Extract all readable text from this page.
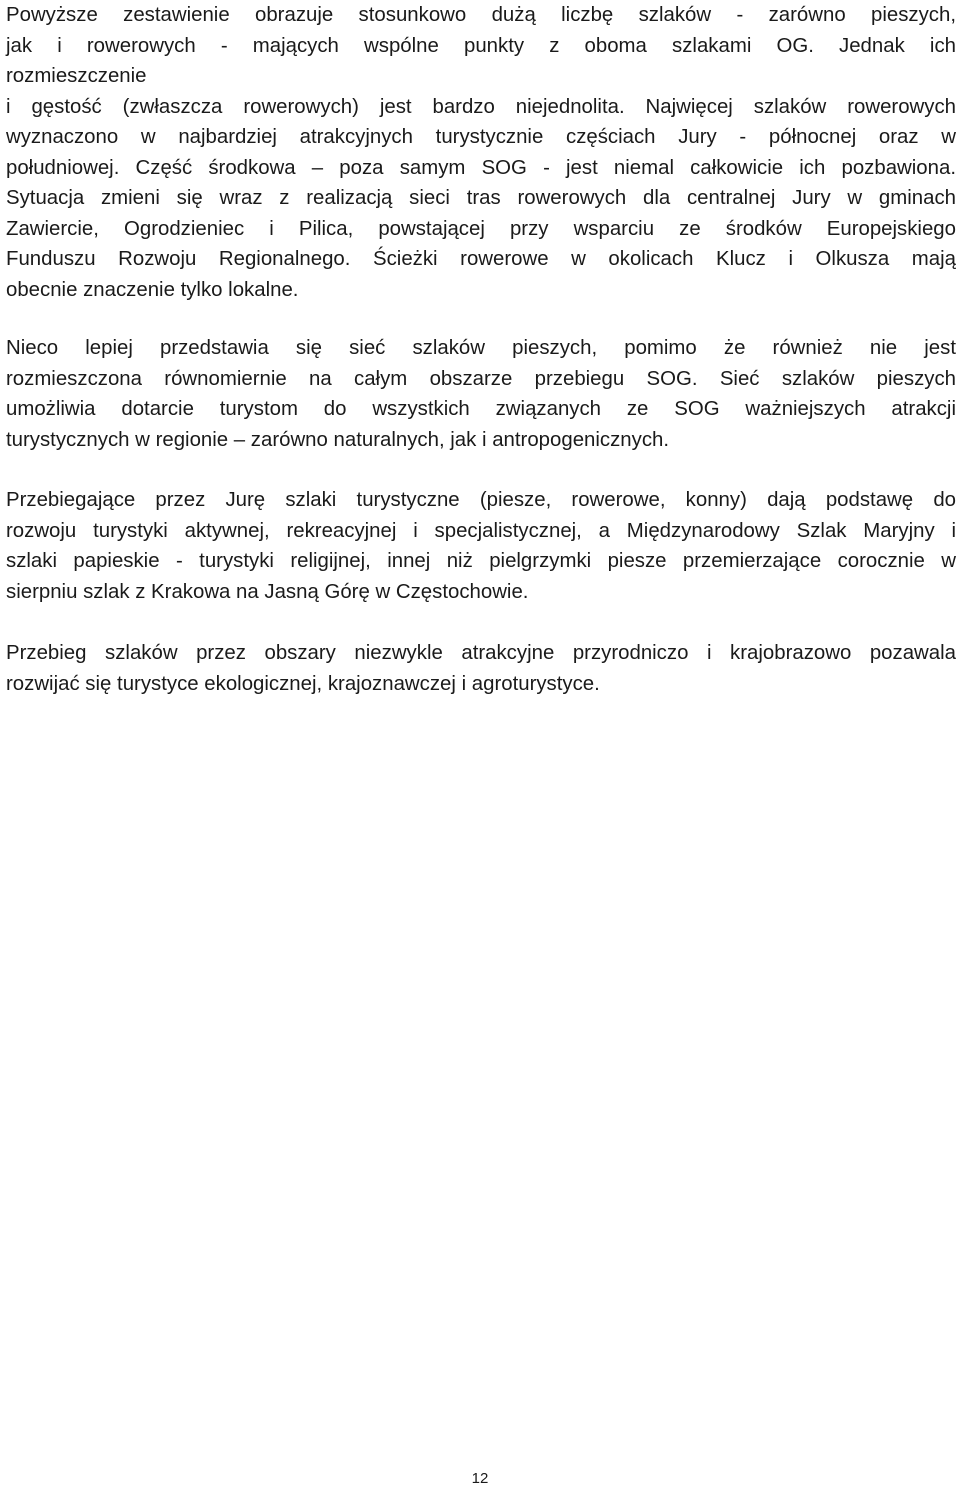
Powyższe zestawienie obrazuje stosunkowo dużą liczbę szlaków - zarówno pieszych,
jak i rowerowych - mających wspólne punkty z oboma szlakami OG. Jednak ich
rozmieszczenie
i gęstość (zwłaszcza rowerowych) jest bardzo niejednolita. Najwięcej szlaków rowerowych
wyznaczono w najbardziej atrakcyjnych turystycznie częściach Jury - północnej oraz w
południowej. Część środkowa – poza samym SOG - jest niemal całkowicie ich pozbawiona.
Sytuacja zmieni się wraz z realizacją sieci tras rowerowych dla centralnej Jury w gminach
Zawiercie, Ogrodzieniec i Pilica, powstającej przy wsparciu ze środków Europejskiego
Funduszu Rozwoju Regionalnego. Ścieżki rowerowe w okolicach Klucz i Olkusza mają
obecnie znaczenie tylko lokalne.

Nieco lepiej przedstawia się sieć szlaków pieszych, pomimo że również nie jest
rozmieszczona równomiernie na całym obszarze przebiegu SOG. Sieć szlaków pieszych
umożliwia dotarcie turystom do wszystkich związanych ze SOG ważniejszych atrakcji
turystycznych w regionie – zarówno naturalnych, jak i antropogenicznych.

Przebiegające przez Jurę szlaki turystyczne (piesze, rowerowe, konny) dają podstawę do
rozwoju turystyki aktywnej, rekreacyjnej i specjalistycznej, a Międzynarodowy Szlak Maryjny i
szlaki papieskie - turystyki religijnej, innej niż pielgrzymki piesze przemierzające corocznie w
sierpniu szlak z Krakowa na Jasną Górę w Częstochowie.

Przebieg szlaków przez obszary niezwykle atrakcyjne przyrodniczo i krajobrazowo pozawala
rozwijać się turystyce ekologicznej, krajoznawczej i agroturystyce.

12
